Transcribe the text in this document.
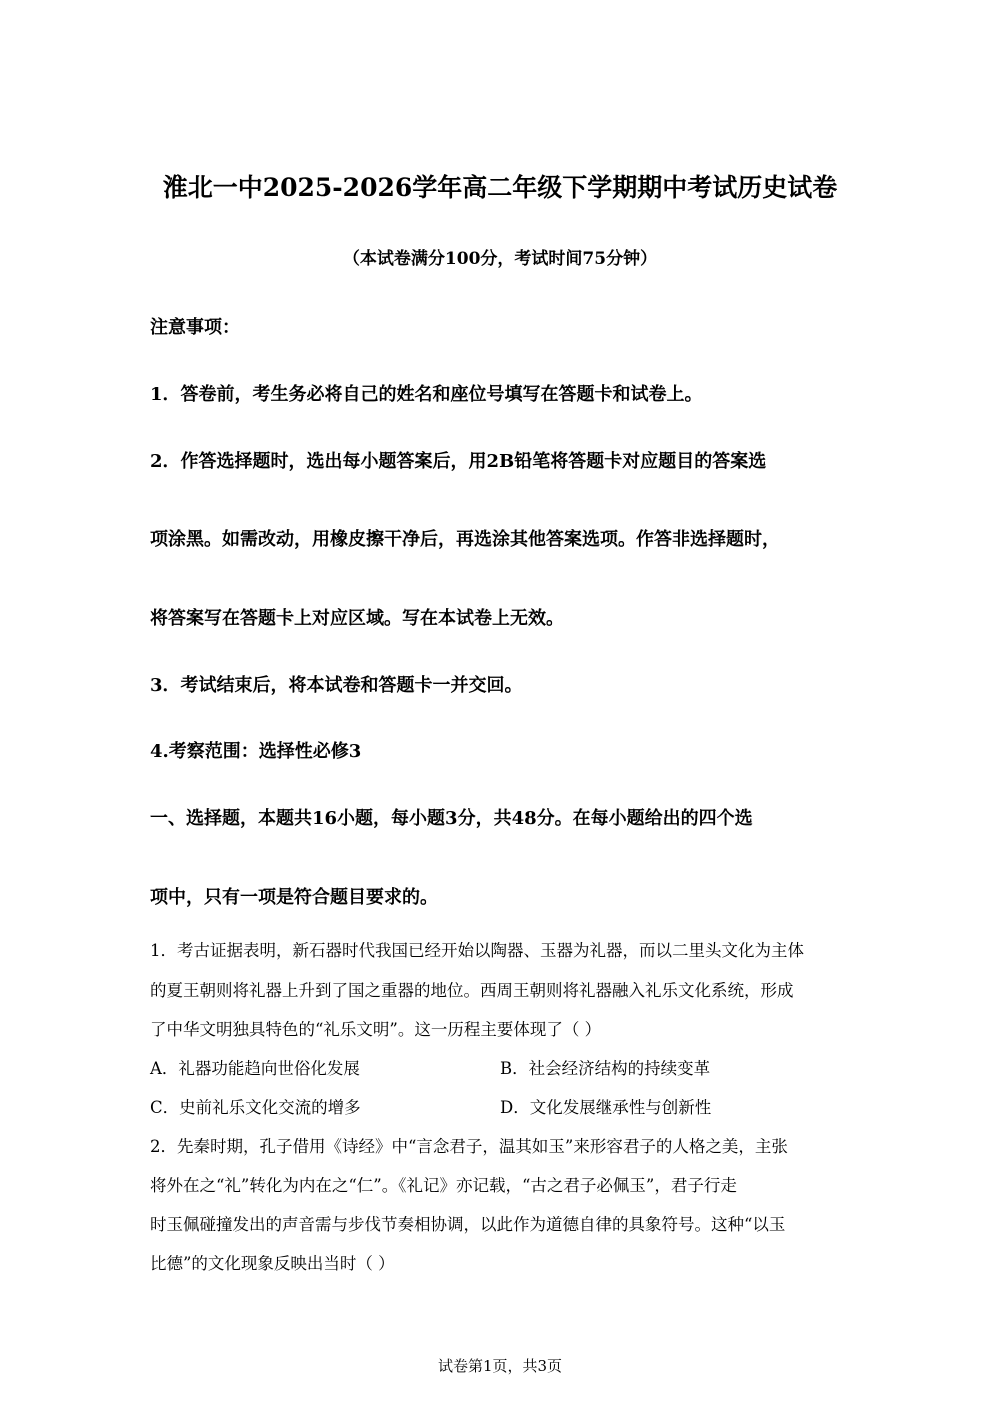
淮北一中2025-2026学年高二年级下学期期中考试历史试卷
（本试卷满分100分，考试时间75分钟）
注意事项：
1．答卷前，考生务必将自己的姓名和座位号填写在答题卡和试卷上。
2．作答选择题时，选出每小题答案后，用2B铅笔将答题卡对应题目的答案选
项涂黑。如需改动，用橡皮擦干净后，再选涂其他答案选项。作答非选择题时，
将答案写在答题卡上对应区域。写在本试卷上无效。
3．考试结束后，将本试卷和答题卡一并交回。
4.考察范围：选择性必修3
一、选择题，本题共16小题，每小题3分，共48分。在每小题给出的四个选
项中，只有一项是符合题目要求的。
1．考古证据表明，新石器时代我国已经开始以陶器、玉器为礼器，而以二里头文化为主体
的夏王朝则将礼器上升到了国之重器的地位。西周王朝则将礼器融入礼乐文化系统，形成
了中华文明独具特色的“礼乐文明”。这一历程主要体现了（ ）
A．礼器功能趋向世俗化发展	B．社会经济结构的持续变革
C．史前礼乐文化交流的增多	D．文化发展继承性与创新性
2．先秦时期，孔子借用《诗经》中“言念君子，温其如玉”来形容君子的人格之美，主张
将外在之“礼”转化为内在之“仁”。《礼记》亦记载，“古之君子必佩玉”，君子行走
时玉佩碰撞发出的声音需与步伐节奏相协调，以此作为道德自律的具象符号。这种“以玉
比德”的文化现象反映出当时（ ）
试卷第1页，共3页
